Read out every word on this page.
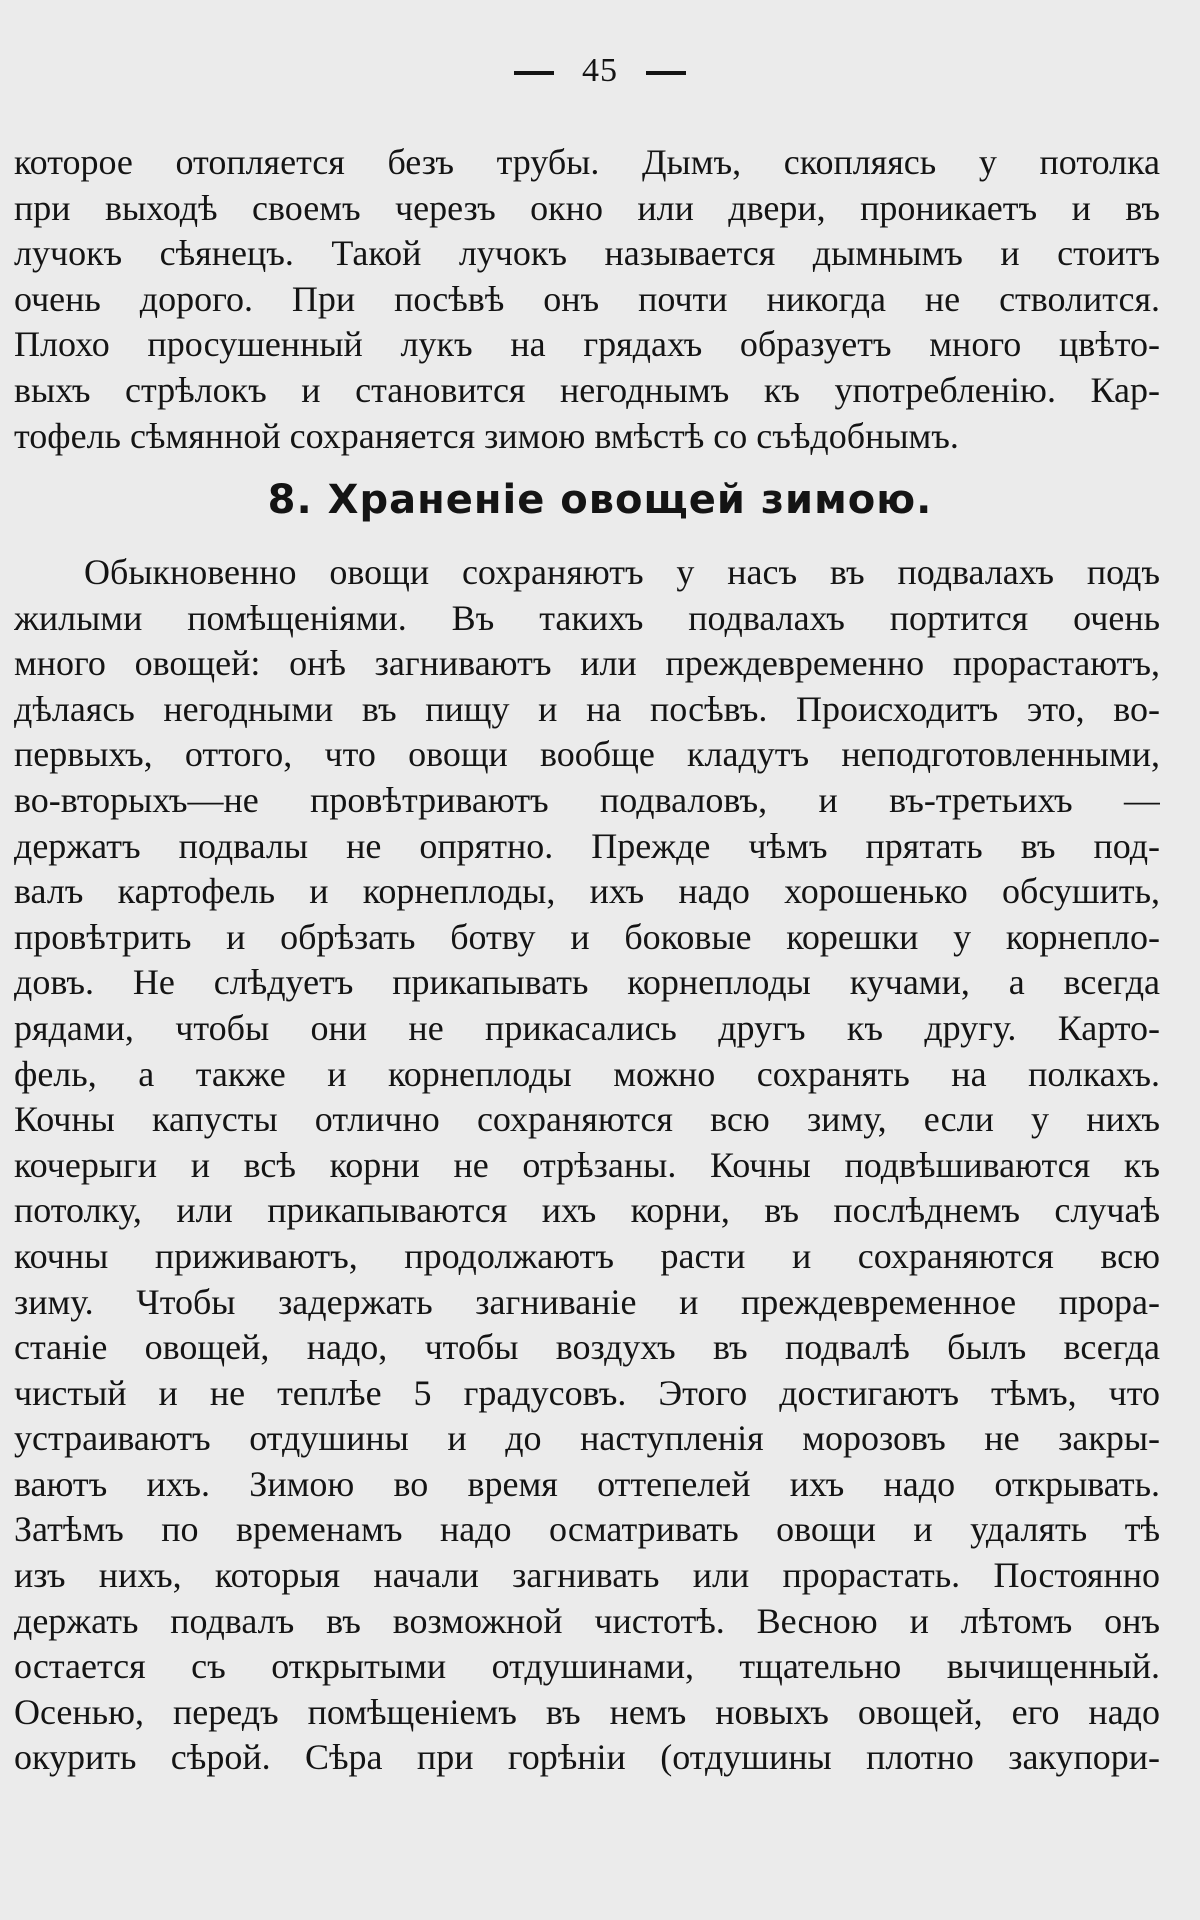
45
которое отопляется безъ трубы. Дымъ, скопляясь у потолка
при выходѣ своемъ черезъ окно или двери, проникаетъ и въ
лучокъ сѣянецъ. Такой лучокъ называется дымнымъ и стоитъ
очень дорого. При посѣвѣ онъ почти никогда не стволится.
Плохо просушенный лукъ на грядахъ образуетъ много цвѣто-
выхъ стрѣлокъ и становится негоднымъ къ употребленію. Кар-
тофель сѣмянной сохраняется зимою вмѣстѣ со съѣдобнымъ.
8. Храненіе овощей зимою.
Обыкновенно овощи сохраняютъ у насъ въ подвалахъ подъ
жилыми помѣщеніями. Въ такихъ подвалахъ портится очень
много овощей: онѣ загниваютъ или преждевременно прорастаютъ,
дѣлаясь негодными въ пищу и на посѣвъ. Происходитъ это, во-
первыхъ, оттого, что овощи вообще кладутъ неподготовленными,
во-вторыхъ—не провѣтриваютъ подваловъ, и въ-третьихъ —
держатъ подвалы не опрятно. Прежде чѣмъ прятать въ под-
валъ картофель и корнеплоды, ихъ надо хорошенько обсушить,
провѣтрить и обрѣзать ботву и боковые корешки у корнепло-
довъ. Не слѣдуетъ прикапывать корнеплоды кучами, а всегда
рядами, чтобы они не прикасались другъ къ другу. Карто-
фель, а также и корнеплоды можно сохранять на полкахъ.
Кочны капусты отлично сохраняются всю зиму, если у нихъ
кочерыги и всѣ корни не отрѣзаны. Кочны подвѣшиваются къ
потолку, или прикапываются ихъ корни, въ послѣднемъ случаѣ
кочны приживаютъ, продолжаютъ расти и сохраняются всю
зиму. Чтобы задержать загниваніе и преждевременное прора-
станіе овощей, надо, чтобы воздухъ въ подвалѣ былъ всегда
чистый и не теплѣе 5 градусовъ. Этого достигаютъ тѣмъ, что
устраиваютъ отдушины и до наступленія морозовъ не закры-
ваютъ ихъ. Зимою во время оттепелей ихъ надо открывать.
Затѣмъ по временамъ надо осматривать овощи и удалять тѣ
изъ нихъ, которыя начали загнивать или прорастать. Постоянно
держать подвалъ въ возможной чистотѣ. Весною и лѣтомъ онъ
остается съ открытыми отдушинами, тщательно вычищенный.
Осенью, передъ помѣщеніемъ въ немъ новыхъ овощей, его надо
окурить сѣрой. Сѣра при горѣніи (отдушины плотно закупори-
